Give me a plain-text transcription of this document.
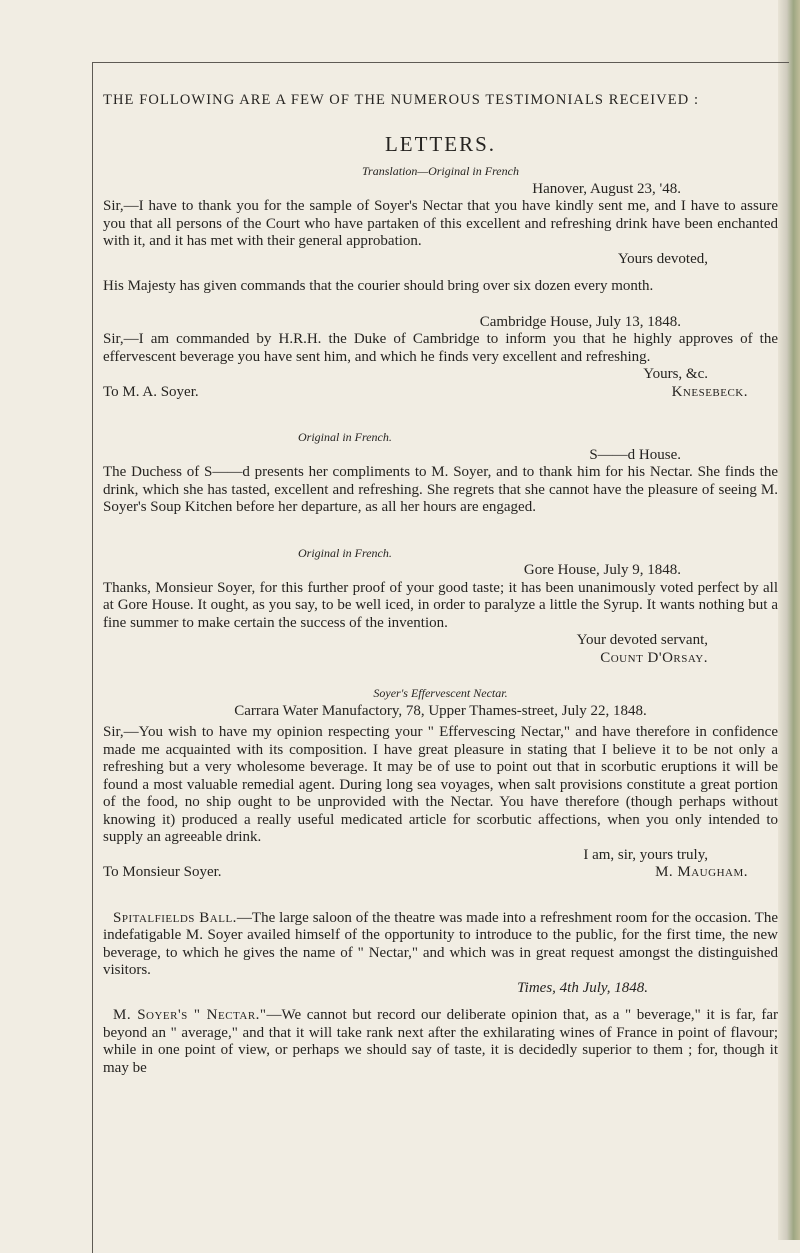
THE FOLLOWING ARE A FEW OF THE NUMEROUS TESTIMONIALS RECEIVED :
LETTERS.
Translation—Original in French
Hanover, August 23, '48.

Sir,—I have to thank you for the sample of Soyer's Nectar that you have kindly sent me, and I have to assure you that all persons of the Court who have partaken of this excellent and refreshing drink have been enchanted with it, and it has met with their general approbation.

Yours devoted,

His Majesty has given commands that the courier should bring over six dozen every month.

Cambridge House, July 13, 1848.

Sir,—I am commanded by H.R.H. the Duke of Cambridge to inform you that he highly approves of the effervescent beverage you have sent him, and which he finds very excellent and refreshing.

Yours, &c.
To M. A. Soyer.	Knesebeck.
Original in French.
S——d House.

The Duchess of S——d presents her compliments to M. Soyer, and to thank him for his Nectar. She finds the drink, which she has tasted, excellent and refreshing. She regrets that she cannot have the pleasure of seeing M. Soyer's Soup Kitchen before her departure, as all her hours are engaged.

Original in French.
Gore House, July 9, 1848.

Thanks, Monsieur Soyer, for this further proof of your good taste; it has been unanimously voted perfect by all at Gore House. It ought, as you say, to be well iced, in order to paralyze a little the Syrup. It wants nothing but a fine summer to make certain the success of the invention.

Your devoted servant,
Count D'Orsay.
Soyer's Effervescent Nectar.
Carrara Water Manufactory, 78, Upper Thames-street, July 22, 1848.

Sir,—You wish to have my opinion respecting your " Effervescing Nectar," and have therefore in confidence made me acquainted with its composition. I have great pleasure in stating that I believe it to be not only a refreshing but a very wholesome beverage. It may be of use to point out that in scorbutic eruptions it will be found a most valuable remedial agent. During long sea voyages, when salt provisions constitute a great portion of the food, no ship ought to be unprovided with the Nectar. You have therefore (though perhaps without knowing it) produced a really useful medicated article for scorbutic affections, when you only intended to supply an agreeable drink.

I am, sir, yours truly,
To Monsieur Soyer.	M. Maugham.

Spitalfields Ball.—The large saloon of the theatre was made into a refreshment room for the occasion. The indefatigable M. Soyer availed himself of the opportunity to introduce to the public, for the first time, the new beverage, to which he gives the name of " Nectar," and which was in great request amongst the distinguished visitors.

Times, 4th July, 1848.

M. Soyer's " Nectar."—We cannot but record our deliberate opinion that, as a " beverage," it is far, far beyond an " average," and that it will take rank next after the exhilarating wines of France in point of flavour; while in one point of view, or perhaps we should say of taste, it is decidedly superior to them ; for, though it may be
